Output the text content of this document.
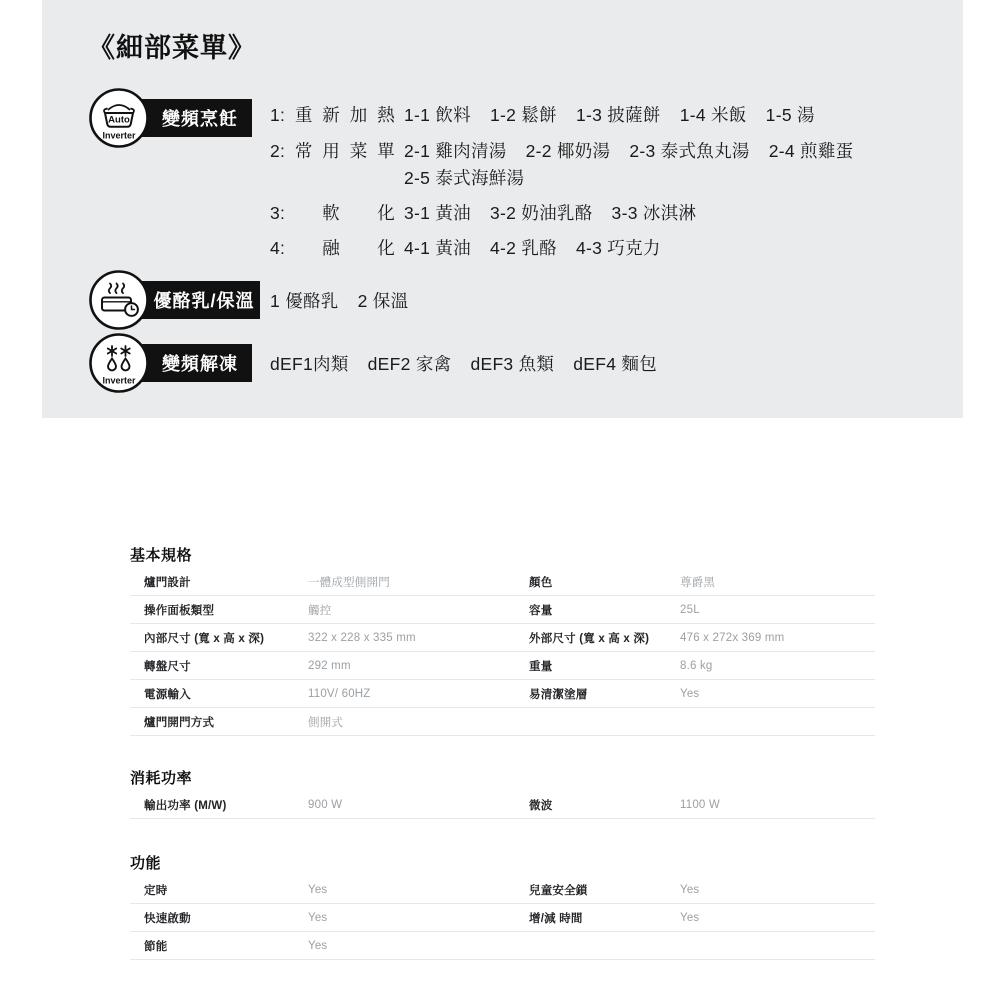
《細部菜單》
Auto
Inverter
變頻烹飪 1:重新加熱 1-1 飲料 1-2 鬆餅 1-3 披薩餅 1-4 米飯 1-5 湯
2:常用菜單 2-1 雞肉清湯 2-2 椰奶湯 2-3 泰式魚丸湯 2-4 煎雞蛋
2-5 泰式海鮮湯
3:軟化 3-1 黃油 3-2 奶油乳酪 3-3 冰淇淋
4:融化 4-1 黃油 4-2 乳酪 4-3 巧克力
優酪乳/保溫 1 優酪乳 2 保溫
Inverter
變頻解凍 dEF1肉類 dEF2 家禽 dEF3 魚類 dEF4 麵包
基本規格
爐門設計	一體成型側開門	顏色	尊爵黑
操作面板類型	觸控	容量	25L
內部尺寸 (寬 x 高 x 深)	322 x 228 x 335 mm	外部尺寸 (寬 x 高 x 深)	476 x 272x 369 mm
轉盤尺寸	292 mm	重量	8.6 kg
電源輸入	110V/ 60HZ	易清潔塗層	Yes
爐門開門方式	側開式
消耗功率
輸出功率 (M/W)	900 W	微波	1100 W
功能
定時	Yes	兒童安全鎖	Yes
快速啟動	Yes	增/減 時間	Yes
節能	Yes
